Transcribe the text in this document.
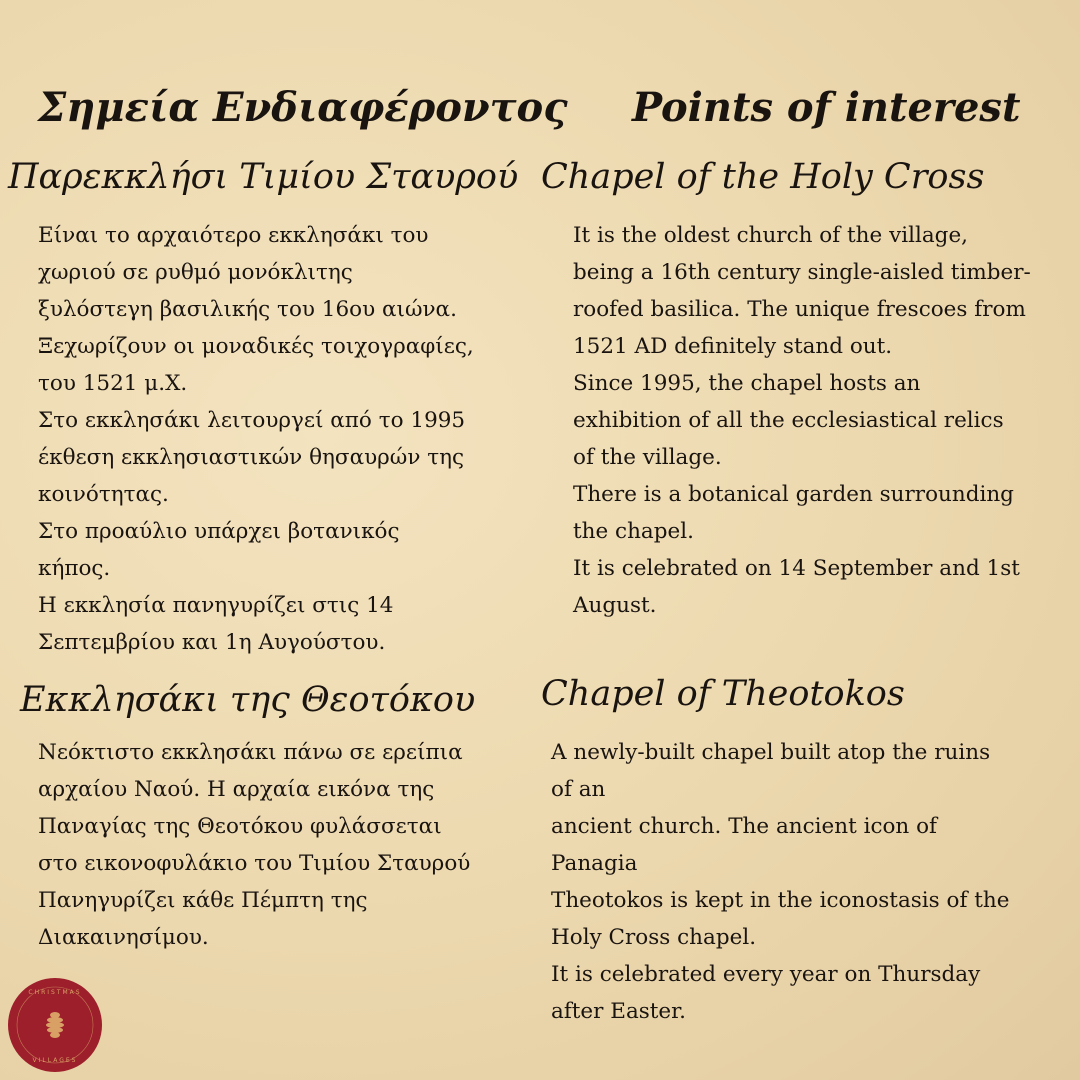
Σημεία Ενδιαφέροντος Points of interest
Παρεκκλήσι Τιμίου Σταυρού Chapel of the Holy Cross
Είναι το αρχαιότερο εκκλησάκι του
χωριού σε ρυθμό μονόκλιτης
ξυλόστεγη βασιλικής του 16ου αιώνα.
Ξεχωρίζουν οι μοναδικές τοιχογραφίες,
του 1521 μ.Χ.
Στο εκκλησάκι λειτουργεί από το 1995
έκθεση εκκλησιαστικών θησαυρών της
κοινότητας.
Στο προαύλιο υπάρχει βοτανικός
κήπος.
Η εκκλησία πανηγυρίζει στις 14
Σεπτεμβρίου και 1η Αυγούστου.
It is the oldest church of the village,
being a 16th century single-aisled timber-
roofed basilica. The unique frescoes from
1521 AD definitely stand out.
Since 1995, the chapel hosts an
exhibition of all the ecclesiastical relics
of the village.
There is a botanical garden surrounding
the chapel.
It is celebrated on 14 September and 1st
August.
Εκκλησάκι της Θεοτόκου Chapel of Theotokos
Νεόκτιστο εκκλησάκι πάνω σε ερείπια
αρχαίου Ναού. Η αρχαία εικόνα της
Παναγίας της Θεοτόκου φυλάσσεται
στο εικονοφυλάκιο του Τιμίου Σταυρού
Πανηγυρίζει κάθε Πέμπτη της
Διακαινησίμου.
A newly-built chapel built atop the ruins
of an
ancient church. The ancient icon of
Panagia
Theotokos is kept in the iconostasis of the
Holy Cross chapel.
It is celebrated every year on Thursday
after Easter.
CHRISTMAS
VILLAGES
